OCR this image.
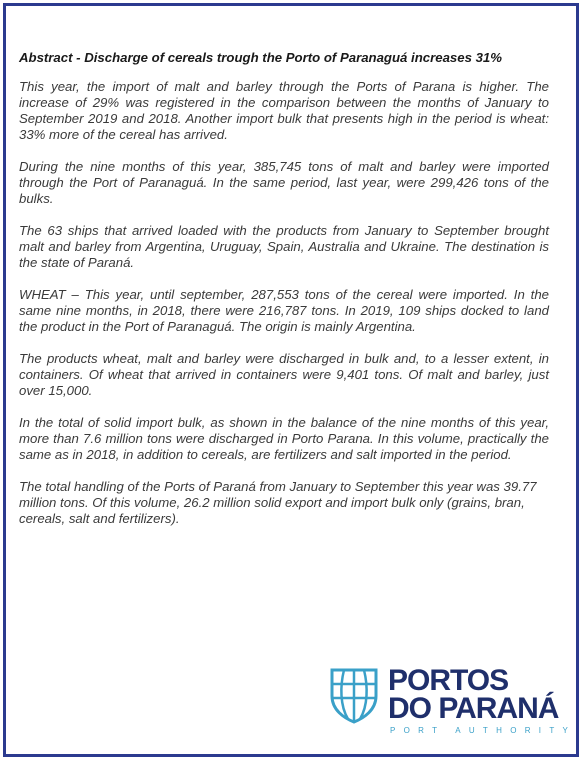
Abstract - Discharge of cereals trough the Porto of Paranaguá increases 31%

This year, the import of malt and barley through the Ports of Parana is higher. The increase of 29% was registered in the comparison between the months of January to September 2019 and 2018. Another import bulk that presents high in the period is wheat: 33% more of the cereal has arrived.

During the nine months of this year, 385,745 tons of malt and barley were imported through the Port of Paranaguá. In the same period, last year, were 299,426 tons of the bulks.

The 63 ships that arrived loaded with the products from January to September brought malt and barley from Argentina, Uruguay, Spain, Australia and Ukraine. The destination is the state of Paraná.

WHEAT – This year, until september, 287,553 tons of the cereal were imported. In the same nine months, in 2018, there were 216,787 tons. In 2019, 109 ships docked to land the product in the Port of Paranaguá. The origin is mainly Argentina.

The products wheat, malt and barley were discharged in bulk and, to a lesser extent, in containers. Of wheat that arrived in containers were 9,401 tons. Of malt and barley, just over 15,000.

In the total of solid import bulk, as shown in the balance of the nine months of this year, more than 7.6 million tons were discharged in Porto Parana. In this volume, practically the same as in 2018, in addition to cereals, are fertilizers and salt imported in the period.

The total handling of the Ports of Paraná from January to September this year was 39.77 million tons. Of this volume, 26.2 million solid export and import bulk only (grains, bran, cereals, salt and fertilizers).

PORTOS
DO PARANÁ
PORT AUTHORITY
